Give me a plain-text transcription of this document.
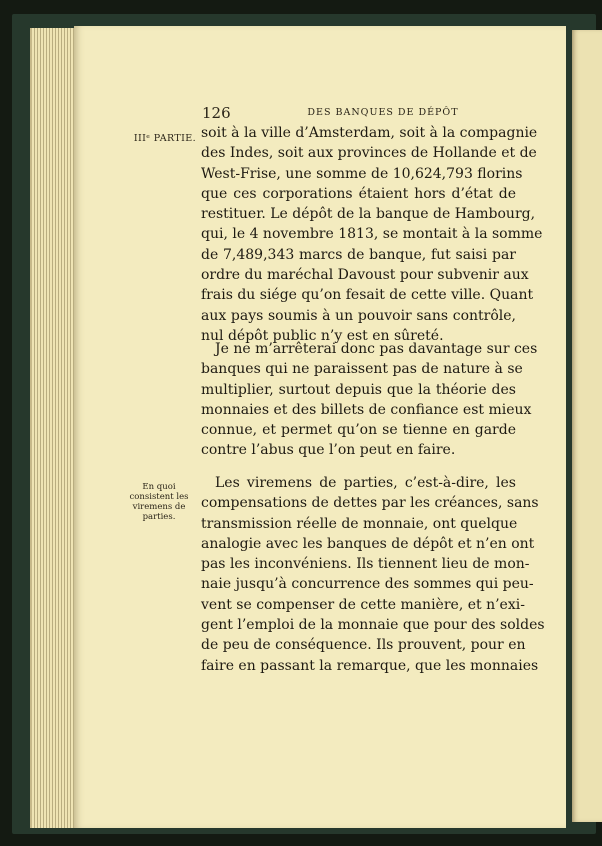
126	DES BANQUES DE DÉPÔT
IIIᵉ PARTIE.
En quoi
consistent les
viremens de
parties.
soit à la ville d’Amsterdam, soit à la compagnie
des Indes, soit aux provinces de Hollande et de
West-Frise, une somme de 10,624,793 florins
que ces corporations étaient hors d’état de
restituer. Le dépôt de la banque de Hambourg,
qui, le 4 novembre 1813, se montait à la somme
de 7,489,343 marcs de banque, fut saisi par
ordre du maréchal Davoust pour subvenir aux
frais du siége qu’on fesait de cette ville. Quant
aux pays soumis à un pouvoir sans contrôle,
nul dépôt public n’y est en sûreté.
Je ne m’arrêterai donc pas davantage sur ces
banques qui ne paraissent pas de nature à se
multiplier, surtout depuis que la théorie des
monnaies et des billets de confiance est mieux
connue, et permet qu’on se tienne en garde
contre l’abus que l’on peut en faire.
Les viremens de parties, c’est-à-dire, les
compensations de dettes par les créances, sans
transmission réelle de monnaie, ont quelque
analogie avec les banques de dépôt et n’en ont
pas les inconvéniens. Ils tiennent lieu de mon-
naie jusqu’à concurrence des sommes qui peu-
vent se compenser de cette manière, et n’exi-
gent l’emploi de la monnaie que pour des soldes
de peu de conséquence. Ils prouvent, pour en
faire en passant la remarque, que les monnaies
